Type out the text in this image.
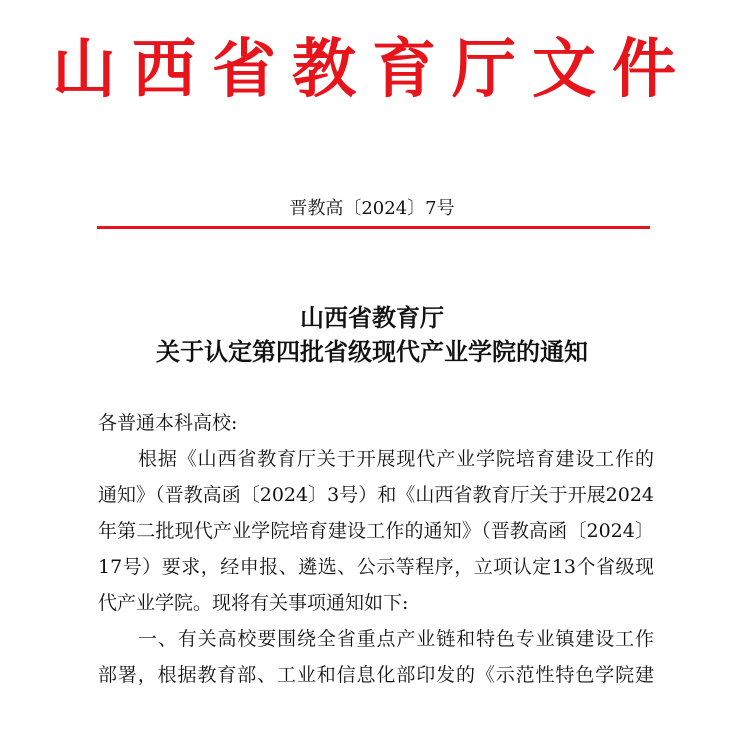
山西省教育厅文件
晋教高〔2024〕7号
山西省教育厅
关于认定第四批省级现代产业学院的通知
各普通本科高校:
根据《山西省教育厅关于开展现代产业学院培育建设工作的
通知》（晋教高函〔2024〕3号）和《山西省教育厅关于开展2024
年第二批现代产业学院培育建设工作的通知》（晋教高函〔2024〕
17号）要求，经申报、遴选、公示等程序，立项认定13个省级现
代产业学院。现将有关事项通知如下:
一、有关高校要围绕全省重点产业链和特色专业镇建设工作
部署，根据教育部、工业和信息化部印发的《示范性特色学院建
